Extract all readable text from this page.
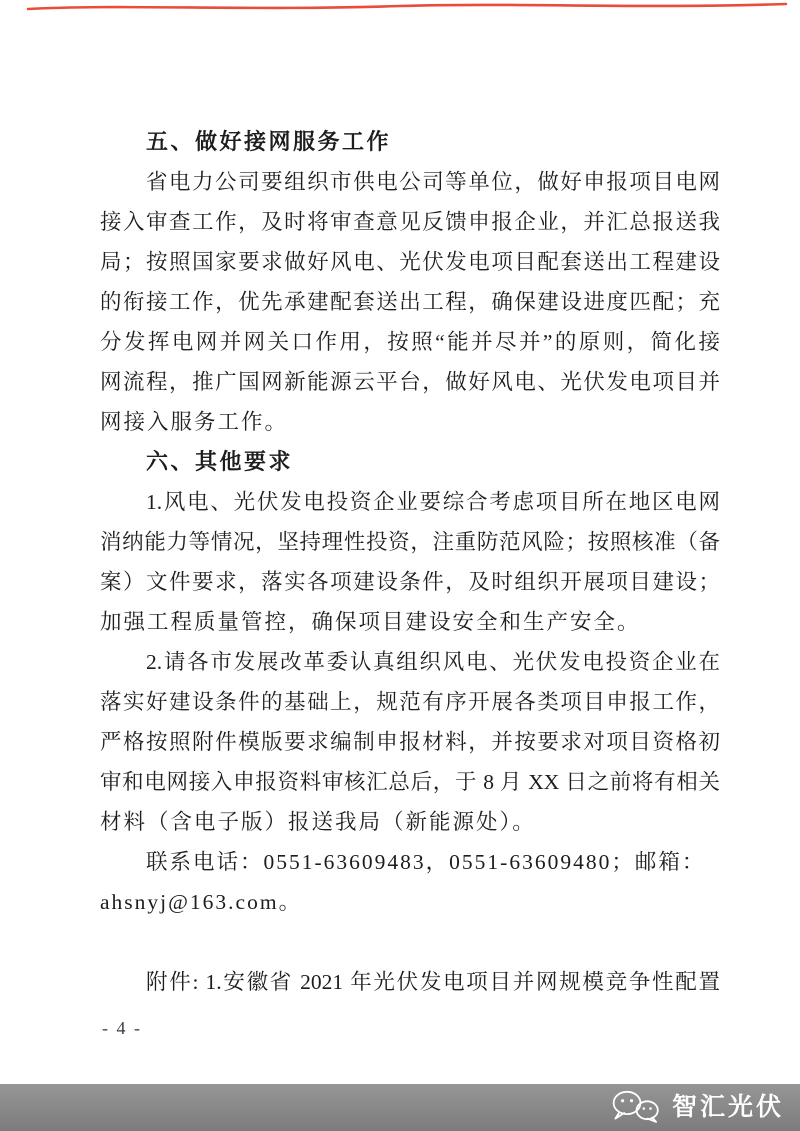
五、做好接网服务工作
省电力公司要组织市供电公司等单位，做好申报项目电网
接入审查工作，及时将审查意见反馈申报企业，并汇总报送我
局；按照国家要求做好风电、光伏发电项目配套送出工程建设
的衔接工作，优先承建配套送出工程，确保建设进度匹配；充
分发挥电网并网关口作用，按照“能并尽并”的原则，简化接
网流程，推广国网新能源云平台，做好风电、光伏发电项目并
网接入服务工作。
六、其他要求
1.风电、光伏发电投资企业要综合考虑项目所在地区电网
消纳能力等情况，坚持理性投资，注重防范风险；按照核准（备
案）文件要求，落实各项建设条件，及时组织开展项目建设；
加强工程质量管控，确保项目建设安全和生产安全。
2.请各市发展改革委认真组织风电、光伏发电投资企业在
落实好建设条件的基础上，规范有序开展各类项目申报工作，
严格按照附件模版要求编制申报材料，并按要求对项目资格初
审和电网接入申报资料审核汇总后，于 8 月 XX 日之前将有相关
材料（含电子版）报送我局（新能源处）。
联系电话：0551-63609483，0551-63609480；邮箱：
ahsnyj@163.com。
附件: 1.安徽省 2021 年光伏发电项目并网规模竞争性配置
- 4 -
智汇光伏
